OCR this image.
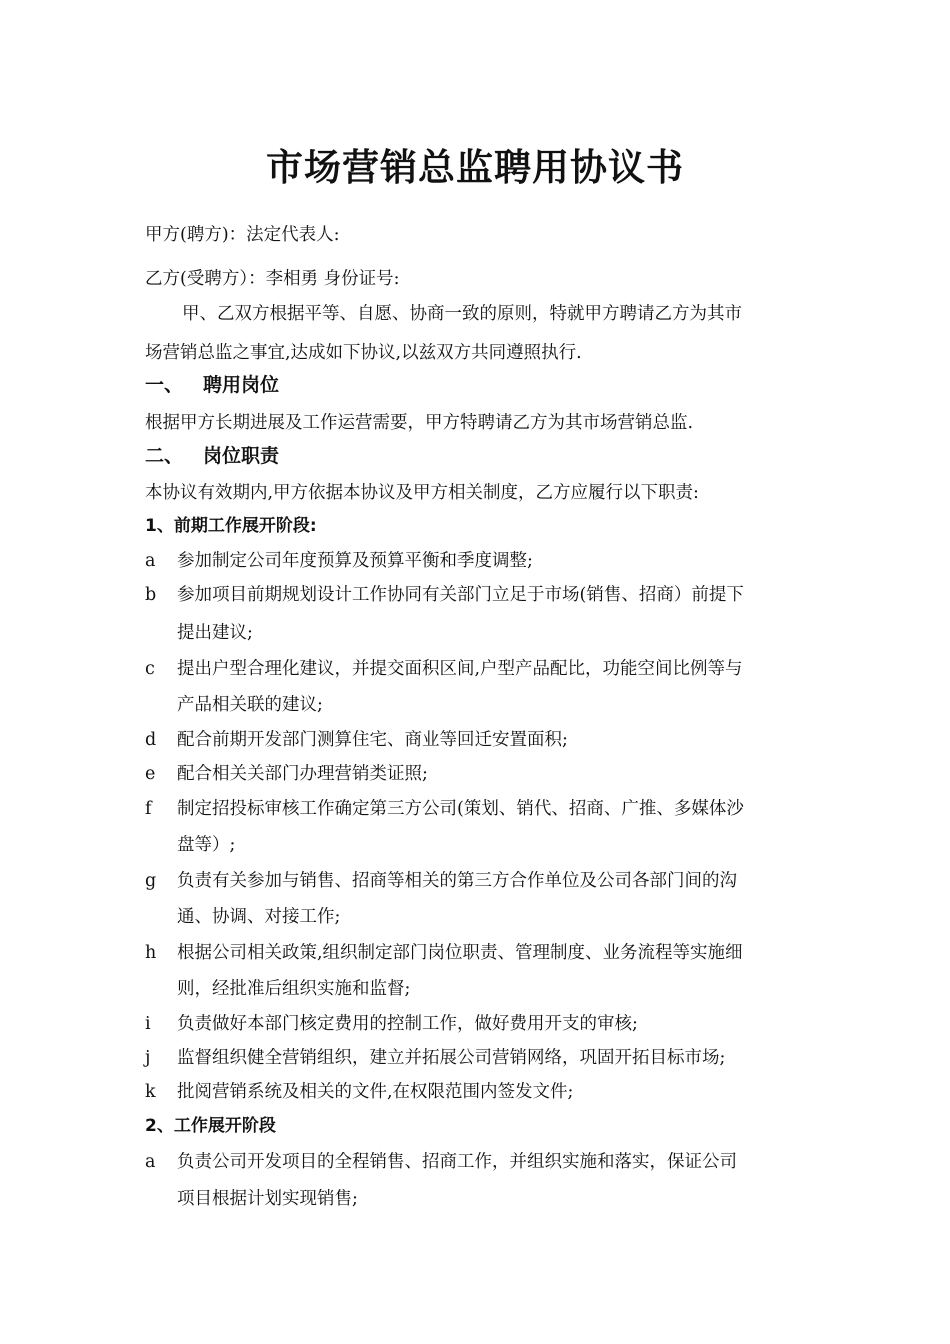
市场营销总监聘用协议书
甲方(聘方)：法定代表人:
乙方(受聘方）：李相勇 身份证号:
甲、乙双方根据平等、自愿、协商一致的原则，特就甲方聘请乙方为其市
场营销总监之事宜,达成如下协议,以兹双方共同遵照执行.
一、 聘用岗位
根据甲方长期进展及工作运营需要，甲方特聘请乙方为其市场营销总监.
二、 岗位职责
本协议有效期内,甲方依据本协议及甲方相关制度，乙方应履行以下职责:
1、前期工作展开阶段:
a 参加制定公司年度预算及预算平衡和季度调整;
b 参加项目前期规划设计工作协同有关部门立足于市场(销售、招商）前提下
提出建议;
c 提出户型合理化建议，并提交面积区间,户型产品配比，功能空间比例等与
产品相关联的建议;
d 配合前期开发部门测算住宅、商业等回迁安置面积;
e 配合相关关部门办理营销类证照;
f 制定招投标审核工作确定第三方公司(策划、销代、招商、广推、多媒体沙
盘等）;
g 负责有关参加与销售、招商等相关的第三方合作单位及公司各部门间的沟
通、协调、对接工作;
h 根据公司相关政策,组织制定部门岗位职责、管理制度、业务流程等实施细
则，经批准后组织实施和监督;
i 负责做好本部门核定费用的控制工作，做好费用开支的审核;
j 监督组织健全营销组织，建立并拓展公司营销网络，巩固开拓目标市场;
k 批阅营销系统及相关的文件,在权限范围内签发文件;
2、工作展开阶段
a 负责公司开发项目的全程销售、招商工作，并组织实施和落实，保证公司
项目根据计划实现销售;
